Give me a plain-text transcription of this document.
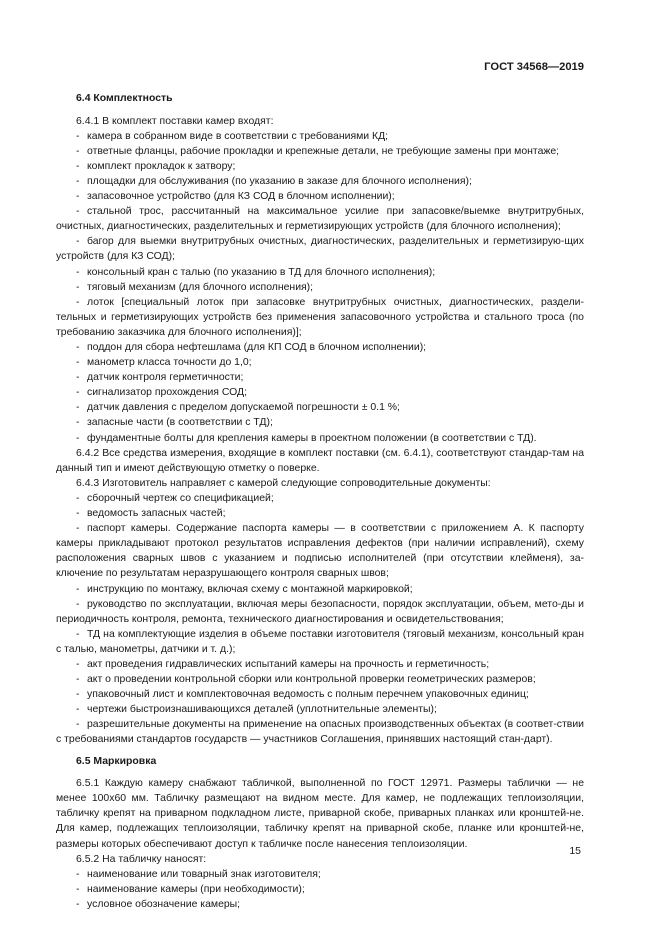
ГОСТ 34568—2019
6.4 Комплектность
6.4.1 В комплект поставки камер входят:
- камера в собранном виде в соответствии с требованиями КД;
- ответные фланцы, рабочие прокладки и крепежные детали, не требующие замены при монтаже;
- комплект прокладок к затвору;
- площадки для обслуживания (по указанию в заказе для блочного исполнения);
- запасовочное устройство (для КЗ СОД в блочном исполнении);
- стальной трос, рассчитанный на максимальное усилие при запасовке/выемке внутритрубных, очистных, диагностических, разделительных и герметизирующих устройств (для блочного исполнения);
- багор для выемки внутритрубных очистных, диагностических, разделительных и герметизирую-щих устройств (для КЗ СОД);
- консольный кран с талью (по указанию в ТД для блочного исполнения);
- тяговый механизм (для блочного исполнения);
- лоток [специальный лоток при запасовке внутритрубных очистных, диагностических, раздели-тельных и герметизирующих устройств без применения запасовочного устройства и стального троса (по требованию заказчика для блочного исполнения)];
- поддон для сбора нефтешлама (для КП СОД в блочном исполнении);
- манометр класса точности до 1,0;
- датчик контроля герметичности;
- сигнализатор прохождения СОД;
- датчик давления с пределом допускаемой погрешности ± 0.1 %;
- запасные части (в соответствии с ТД);
- фундаментные болты для крепления камеры в проектном положении (в соответствии с ТД).
6.4.2 Все средства измерения, входящие в комплект поставки (см. 6.4.1), соответствуют стандар-там на данный тип и имеют действующую отметку о поверке.
6.4.3 Изготовитель направляет с камерой следующие сопроводительные документы:
- сборочный чертеж со спецификацией;
- ведомость запасных частей;
- паспорт камеры. Содержание паспорта камеры — в соответствии с приложением А. К паспорту камеры прикладывают протокол результатов исправления дефектов (при наличии исправлений), схему расположения сварных швов с указанием и подписью исполнителей (при отсутствии клейменя), за-ключение по результатам неразрушающего контроля сварных швов;
- инструкцию по монтажу, включая схему с монтажной маркировкой;
- руководство по эксплуатации, включая меры безопасности, порядок эксплуатации, объем, мето-ды и периодичность контроля, ремонта, технического диагностирования и освидетельствования;
- ТД на комплектующие изделия в объеме поставки изготовителя (тяговый механизм, консольный кран с талью, манометры, датчики и т. д.);
- акт проведения гидравлических испытаний камеры на прочность и герметичность;
- акт о проведении контрольной сборки или контрольной проверки геометрических размеров;
- упаковочный лист и комплектовочная ведомость с полным перечнем упаковочных единиц;
- чертежи быстроизнашивающихся деталей (уплотнительные элементы);
- разрешительные документы на применение на опасных производственных объектах (в соответ-ствии с требованиями стандартов государств — участников Соглашения, принявших настоящий стан-дарт).
6.5 Маркировка
6.5.1 Каждую камеру снабжают табличкой, выполненной по ГОСТ 12971. Размеры таблички — не менее 100х60 мм. Табличку размещают на видном месте. Для камер, не подлежащих теплоизоляции, табличку крепят на приварном подкладном листе, приварной скобе, приварных планках или кронштей-не. Для камер, подлежащих теплоизоляции, табличку крепят на приварной скобе, планке или кронштей-не, размеры которых обеспечивают доступ к табличке после нанесения теплоизоляции.
6.5.2 На табличку наносят:
- наименование или товарный знак изготовителя;
- наименование камеры (при необходимости);
- условное обозначение камеры;
15
